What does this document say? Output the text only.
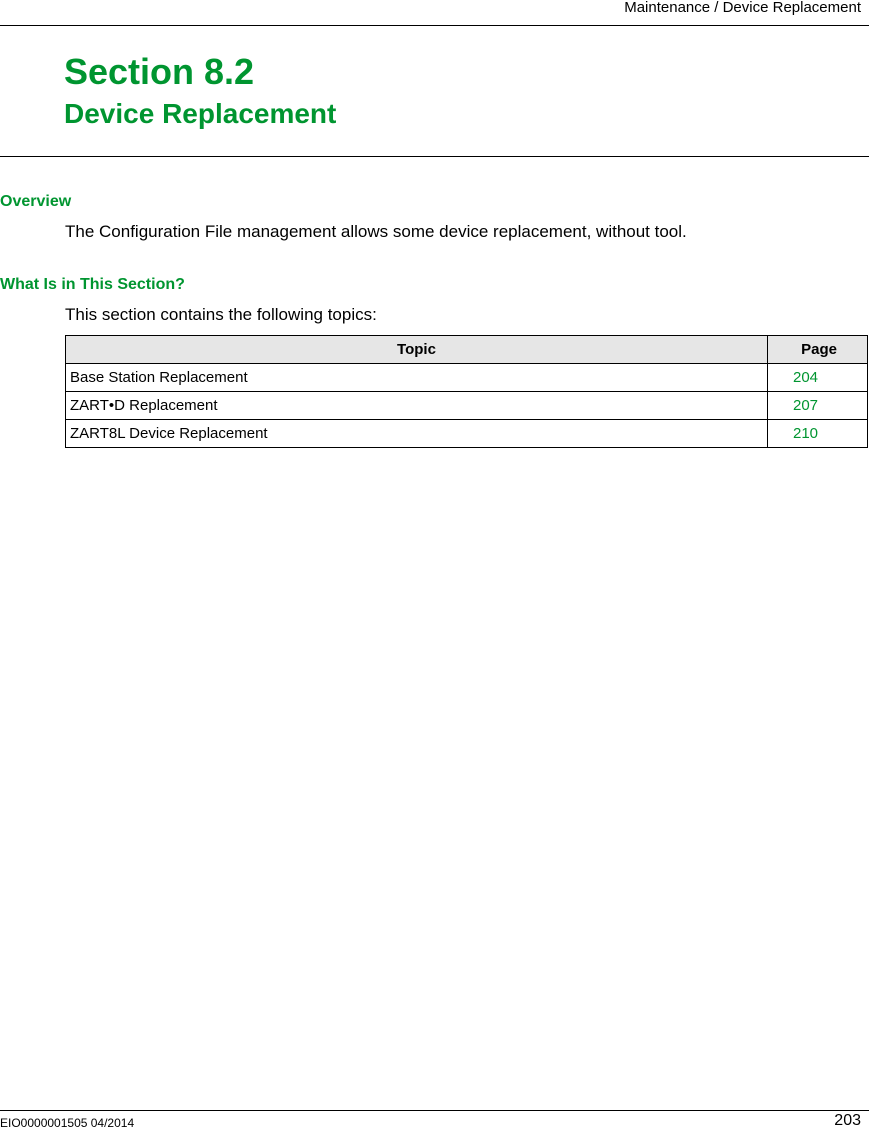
Maintenance / Device Replacement
Section 8.2
Device Replacement
Overview
The Configuration File management allows some device replacement, without tool.
What Is in This Section?
This section contains the following topics:
Topic	Page
Base Station Replacement	204
ZART•D Replacement	207
ZART8L Device Replacement	210
EIO0000001505 04/2014	203
